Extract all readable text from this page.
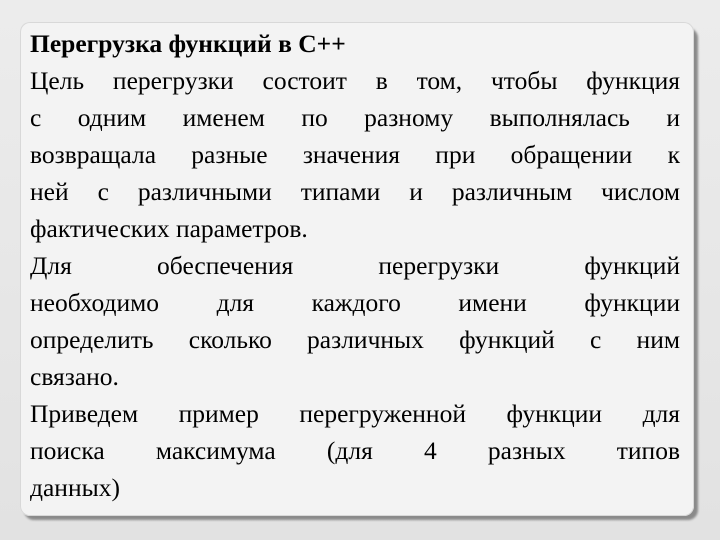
Перегрузка функций в С++
Цель перегрузки состоит в том, чтобы функция
с одним именем по разному выполнялась и
возвращала разные значения при обращении к
ней с различными типами и различным числом
фактических параметров.
Для обеспечения перегрузки функций
необходимо для каждого имени функции
определить сколько различных функций с ним
связано.
Приведем пример перегруженной функции для
поиска максимума (для 4 разных типов
данных)
